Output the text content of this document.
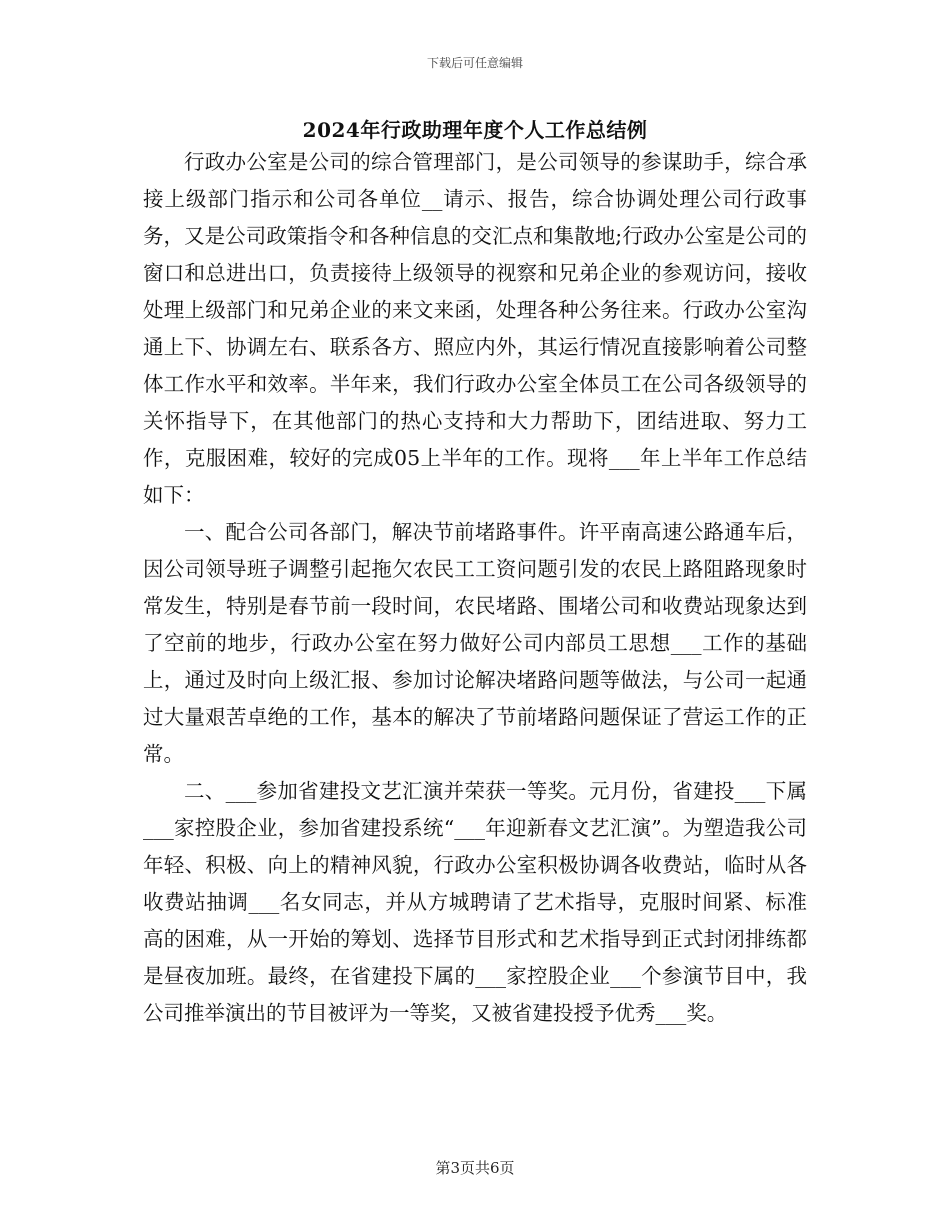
下载后可任意编辑
2024年行政助理年度个人工作总结例

行政办公室是公司的综合管理部门，是公司领导的参谋助手，综合承接上级部门指示和公司各单位__请示、报告，综合协调处理公司行政事务，又是公司政策指令和各种信息的交汇点和集散地;行政办公室是公司的窗口和总进出口，负责接待上级领导的视察和兄弟企业的参观访问，接收处理上级部门和兄弟企业的来文来函，处理各种公务往来。行政办公室沟通上下、协调左右、联系各方、照应内外，其运行情况直接影响着公司整体工作水平和效率。半年来，我们行政办公室全体员工在公司各级领导的关怀指导下，在其他部门的热心支持和大力帮助下，团结进取、努力工作，克服困难，较好的完成05上半年的工作。现将___年上半年工作总结如下：

一、配合公司各部门，解决节前堵路事件。许平南高速公路通车后，因公司领导班子调整引起拖欠农民工工资问题引发的农民上路阻路现象时常发生，特别是春节前一段时间，农民堵路、围堵公司和收费站现象达到了空前的地步，行政办公室在努力做好公司内部员工思想___工作的基础上，通过及时向上级汇报、参加讨论解决堵路问题等做法，与公司一起通过大量艰苦卓绝的工作，基本的解决了节前堵路问题保证了营运工作的正常。

二、___参加省建投文艺汇演并荣获一等奖。元月份，省建投___下属___家控股企业，参加省建投系统“___年迎新春文艺汇演”。为塑造我公司年轻、积极、向上的精神风貌，行政办公室积极协调各收费站，临时从各收费站抽调___名女同志，并从方城聘请了艺术指导，克服时间紧、标准高的困难，从一开始的筹划、选择节目形式和艺术指导到正式封闭排练都是昼夜加班。最终，在省建投下属的___家控股企业___个参演节目中，我公司推举演出的节目被评为一等奖，又被省建投授予优秀___奖。

第3页共6页
